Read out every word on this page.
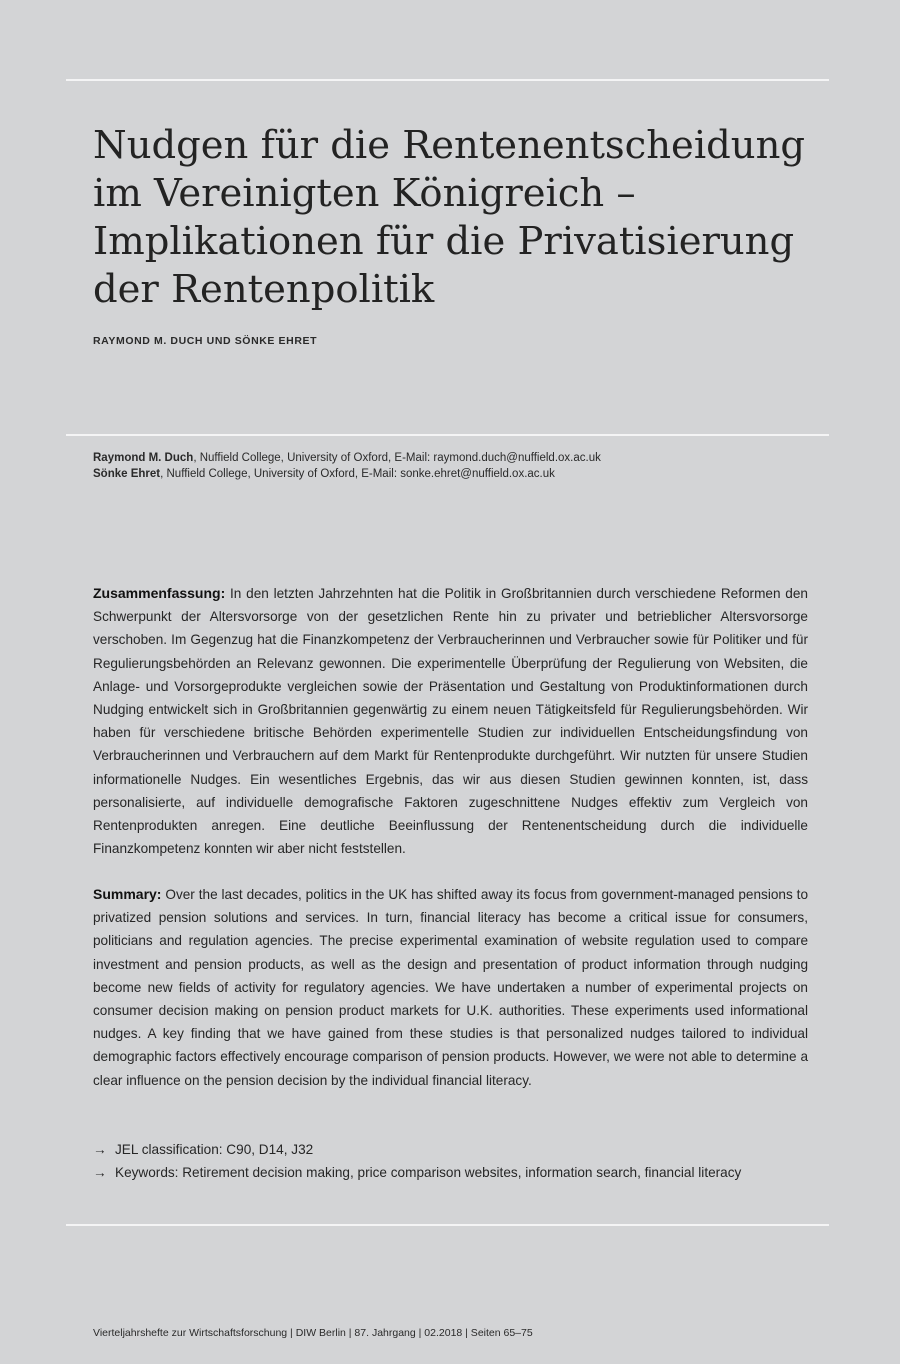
Nudgen für die Rentenentscheidung
im Vereinigten Königreich –
Implikationen für die Privatisierung
der Rentenpolitik
RAYMOND M. DUCH UND SÖNKE EHRET
Raymond M. Duch, Nuffield College, University of Oxford, E-Mail: raymond.duch@nuffield.ox.ac.uk
Sönke Ehret, Nuffield College, University of Oxford, E-Mail: sonke.ehret@nuffield.ox.ac.uk

Zusammenfassung: In den letzten Jahrzehnten hat die Politik in Großbritannien durch verschiedene Reformen den Schwerpunkt der Altersvorsorge von der gesetzlichen Rente hin zu privater und betrieblicher Altersvorsorge verschoben. Im Gegenzug hat die Finanzkompetenz der Verbraucherinnen und Verbraucher sowie für Politiker und für Regulierungsbehörden an Relevanz gewonnen. Die experimentelle Überprüfung der Regulierung von Websiten, die Anlage- und Vorsorgeprodukte vergleichen sowie der Präsentation und Gestaltung von Produktinformationen durch Nudging entwickelt sich in Großbritannien gegenwärtig zu einem neuen Tätigkeitsfeld für Regulierungsbehörden. Wir haben für verschiedene britische Behörden experimentelle Studien zur individuellen Entscheidungsfindung von Verbraucherinnen und Verbrauchern auf dem Markt für Rentenprodukte durchgeführt. Wir nutzten für unsere Studien informationelle Nudges. Ein wesentliches Ergebnis, das wir aus diesen Studien gewinnen konnten, ist, dass personalisierte, auf individuelle demografische Faktoren zugeschnittene Nudges effektiv zum Vergleich von Rentenprodukten anregen. Eine deutliche Beeinflussung der Rentenentscheidung durch die individuelle Finanzkompetenz konnten wir aber nicht feststellen.

Summary: Over the last decades, politics in the UK has shifted away its focus from government-managed pensions to privatized pension solutions and services. In turn, financial literacy has become a critical issue for consumers, politicians and regulation agencies. The precise experimental examination of website regulation used to compare investment and pension products, as well as the design and presentation of product information through nudging become new fields of activity for regulatory agencies. We have undertaken a number of experimental projects on consumer decision making on pension product markets for U.K. authorities. These experiments used informational nudges. A key finding that we have gained from these studies is that personalized nudges tailored to individual demographic factors effectively encourage comparison of pension products. However, we were not able to determine a clear influence on the pension decision by the individual financial literacy.

→ JEL classification: C90, D14, J32
→ Keywords: Retirement decision making, price comparison websites, information search, financial literacy
Vierteljahrshefte zur Wirtschaftsforschung | DIW Berlin | 87. Jahrgang | 02.2018 | Seiten 65–75
